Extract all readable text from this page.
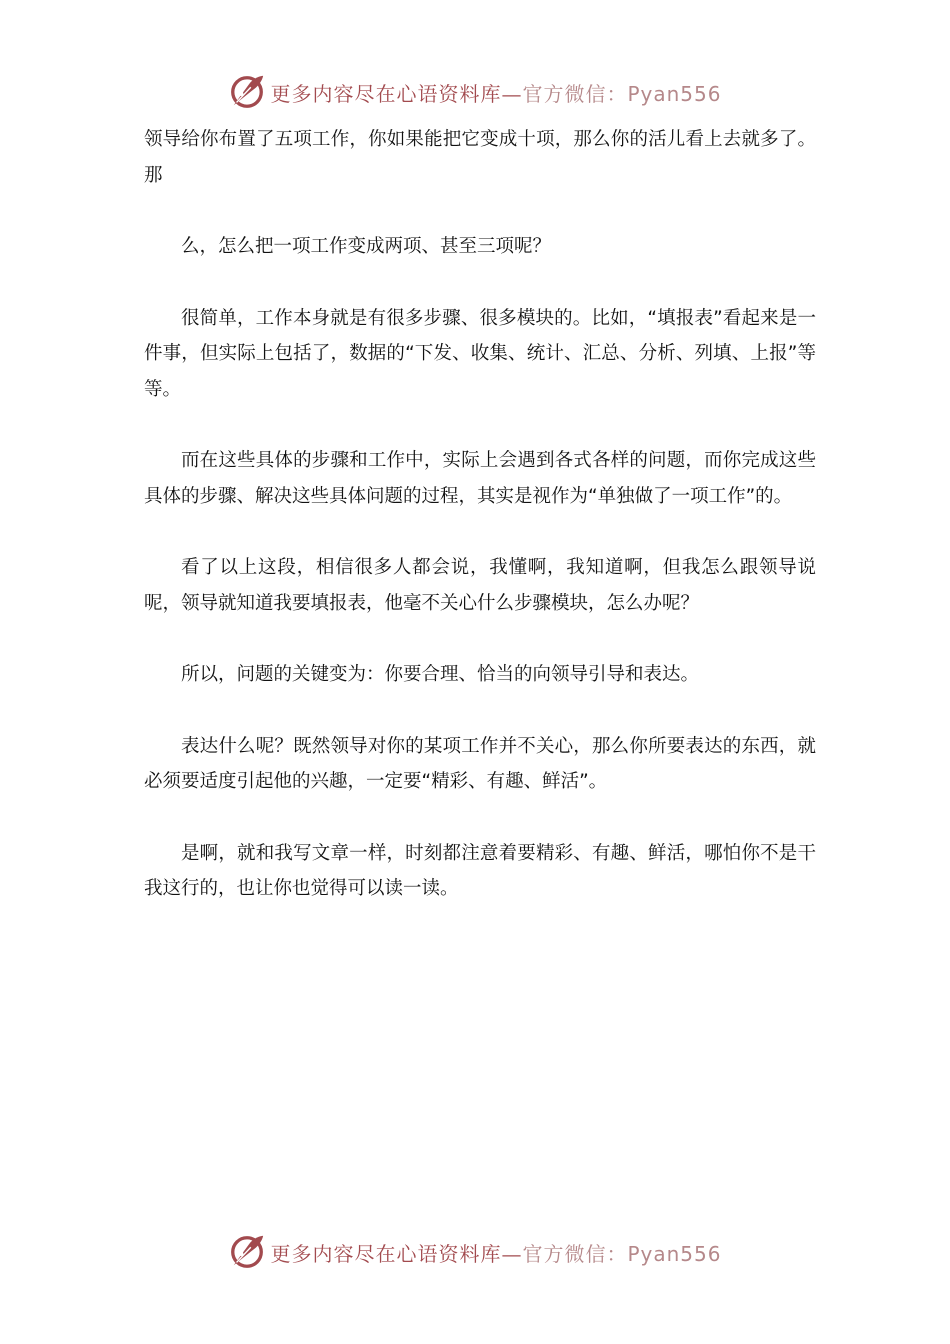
更多内容尽在心语资料库—官方微信：Pyan556

领导给你布置了五项工作，你如果能把它变成十项，那么你的活儿看上去就多了。那

么，怎么把一项工作变成两项、甚至三项呢？

很简单，工作本身就是有很多步骤、很多模块的。比如，“填报表”看起来是一件事，但实际上包括了，数据的“下发、收集、统计、汇总、分析、列填、上报”等等。

而在这些具体的步骤和工作中，实际上会遇到各式各样的问题，而你完成这些具体的步骤、解决这些具体问题的过程，其实是视作为“单独做了一项工作”的。

看了以上这段，相信很多人都会说，我懂啊，我知道啊，但我怎么跟领导说呢，领导就知道我要填报表，他毫不关心什么步骤模块，怎么办呢？

所以，问题的关键变为：你要合理、恰当的向领导引导和表达。

表达什么呢？既然领导对你的某项工作并不关心，那么你所要表达的东西，就必须要适度引起他的兴趣，一定要“精彩、有趣、鲜活”。

是啊，就和我写文章一样，时刻都注意着要精彩、有趣、鲜活，哪怕你不是干我这行的，也让你也觉得可以读一读。

更多内容尽在心语资料库—官方微信：Pyan556
